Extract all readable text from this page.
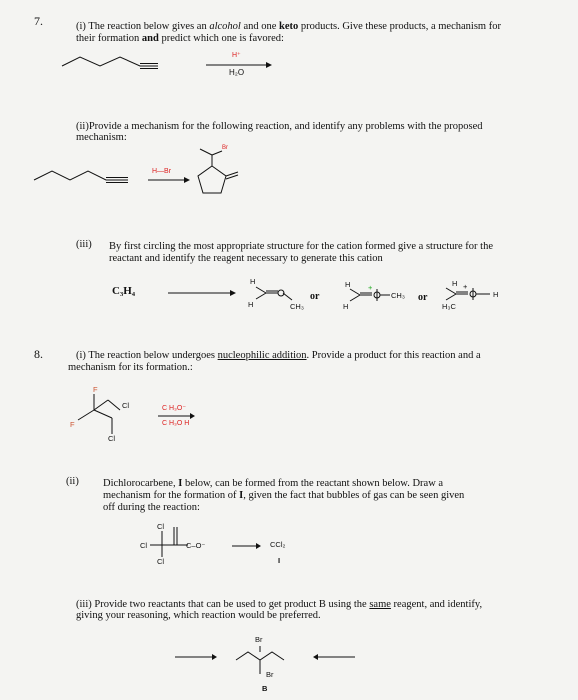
7.	(i) The reaction below gives an alcohol and one keto products. Give these products, a mechanism for
their formation and predict which one is favored:
H⁺
H₂O
(ii)Provide a mechanism for the following reaction, and identify any problems with the proposed
mechanism:
H—Br
Br
(iii) By first circling the most appropriate structure for the cation formed give a structure for the
reactant and identify the reagent necessary to generate this cation
C₃H₄
H
H	CH₃
or
H
H
+
CH₃ or
H
H₃C
+
H
8.	(i) The reaction below undergoes nucleophilic addition. Provide a product for this reaction and a
mechanism for its formation.:
F
F
Cl
Cl
C H₃O⁻
C H₃O H
(ii) Dichlorocarbene, I below, can be formed from the reactant shown below. Draw a
mechanism for the formation of I, given the fact that bubbles of gas can be seen given
off during the reaction:
Cl
Cl
Cl
C–O⁻	CCl₂
I
(iii) Provide two reactants that can be used to get product B using the same reagent, and identify,
giving your reasoning, which reaction would be preferred.
Br
Br
B
